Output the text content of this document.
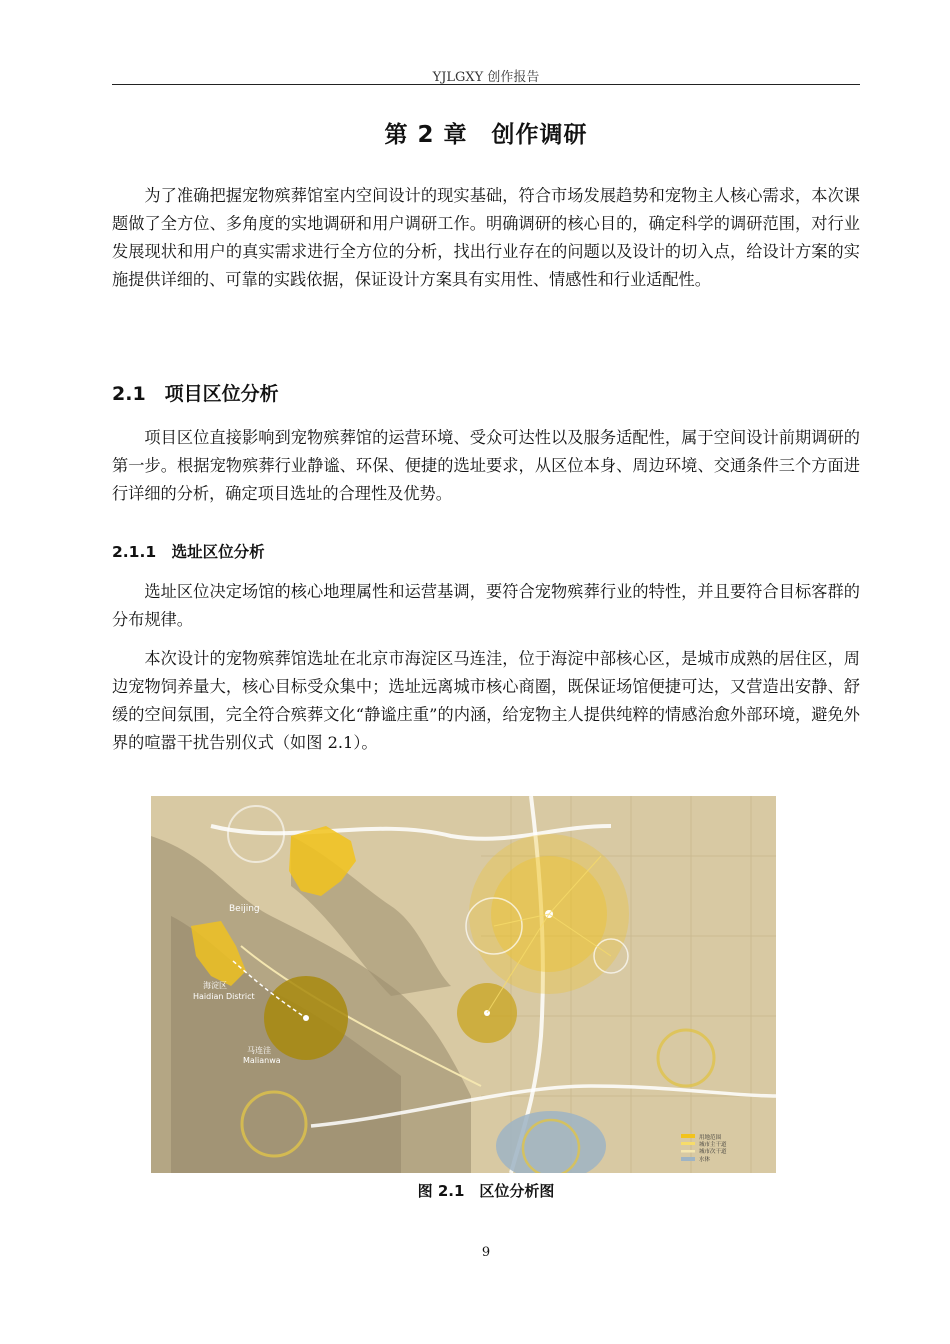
YJLGXY 创作报告
第 2 章　创作调研

为了准确把握宠物殡葬馆室内空间设计的现实基础，符合市场发展趋势和宠物主人核心需求，本次课题做了全方位、多角度的实地调研和用户调研工作。明确调研的核心目的，确定科学的调研范围，对行业发展现状和用户的真实需求进行全方位的分析，找出行业存在的问题以及设计的切入点，给设计方案的实施提供详细的、可靠的实践依据，保证设计方案具有实用性、情感性和行业适配性。

2.1　项目区位分析

项目区位直接影响到宠物殡葬馆的运营环境、受众可达性以及服务适配性，属于空间设计前期调研的第一步。根据宠物殡葬行业静谧、环保、便捷的选址要求，从区位本身、周边环境、交通条件三个方面进行详细的分析，确定项目选址的合理性及优势。

2.1.1　选址区位分析

选址区位决定场馆的核心地理属性和运营基调，要符合宠物殡葬行业的特性，并且要符合目标客群的分布规律。

本次设计的宠物殡葬馆选址在北京市海淀区马连洼，位于海淀中部核心区，是城市成熟的居住区，周边宠物饲养量大，核心目标受众集中；选址远离城市核心商圈，既保证场馆便捷可达，又营造出安静、舒缓的空间氛围，完全符合殡葬文化“静谧庄重”的内涵，给宠物主人提供纯粹的情感治愈外部环境，避免外界的喧嚣干扰告别仪式（如图 2.1）。

Beijing
海淀区
Haidian District
马连洼
Malianwa
用地范围
城市主干道
城市次干道
水体
图 2.1　区位分析图
9
